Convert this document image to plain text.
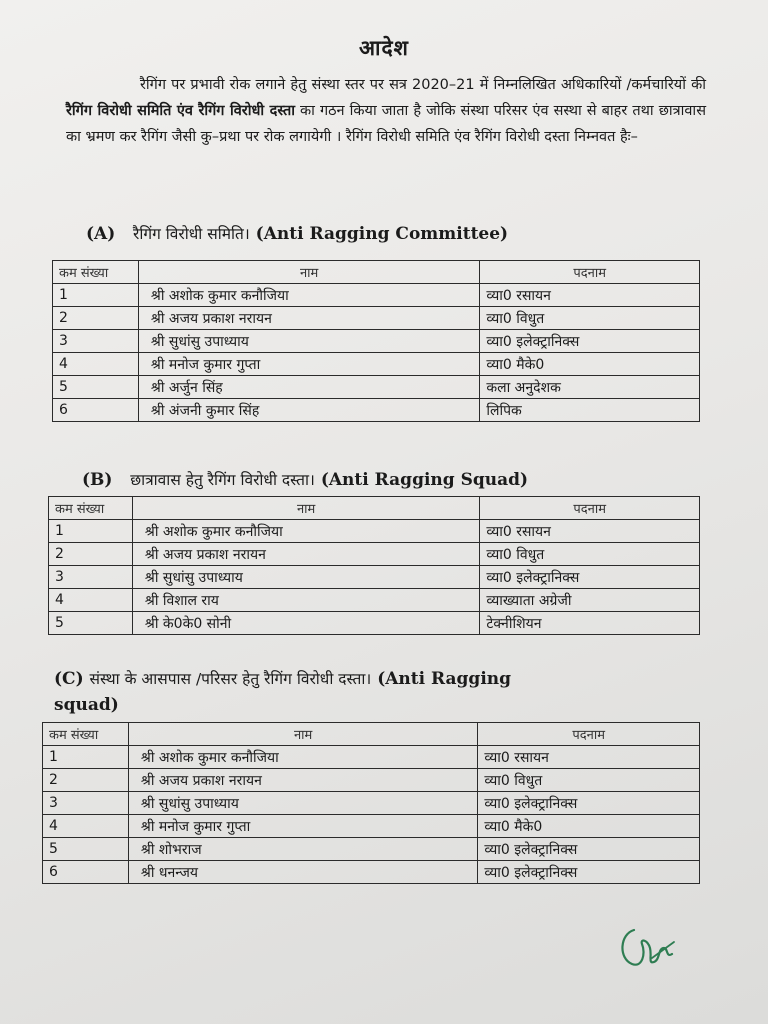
आदेश
रैगिंग पर प्रभावी रोक लगाने हेतु संस्था स्तर पर सत्र 2020–21 में निम्नलिखित अधिकारियों /कर्मचारियों की रैगिंग विरोधी समिति एंव रैगिंग विरोधी दस्ता का गठन किया जाता है जोकि संस्था परिसर एंव सस्था से बाहर तथा छात्रावास का भ्रमण कर रैगिंग जैसी कु–प्रथा पर रोक लगायेगी । रैगिंग विरोधी समिति एंव रैगिंग विरोधी दस्ता निम्नवत हैः–
(A) रैगिंग विरोधी समिति। (Anti Ragging Committee)
कम संख्या	नाम	पदनाम
1	श्री अशोक कुमार कनौजिया	व्या0 रसायन
2	श्री अजय प्रकाश नरायन	व्या0 विधुत
3	श्री सुधांसु उपाध्याय	व्या0 इलेक्ट्रानिक्स
4	श्री मनोज कुमार गुप्ता	व्या0 मैके0
5	श्री अर्जुन सिंह	कला अनुदेशक
6	श्री अंजनी कुमार सिंह	लिपिक
(B) छात्रावास हेतु रैगिंग विरोधी दस्ता। (Anti Ragging Squad)
कम संख्या	नाम	पदनाम
1	श्री अशोक कुमार कनौजिया	व्या0 रसायन
2	श्री अजय प्रकाश नरायन	व्या0 विधुत
3	श्री सुधांसु उपाध्याय	व्या0 इलेक्ट्रानिक्स
4	श्री विशाल राय	व्याख्याता अग्रेजी
5	श्री के0के0 सोनी	टेक्नीशियन
(C) संस्था के आसपास /परिसर हेतु रैगिंग विरोधी दस्ता। (Anti Ragging
squad)
कम संख्या	नाम	पदनाम
1	श्री अशोक कुमार कनौजिया	व्या0 रसायन
2	श्री अजय प्रकाश नरायन	व्या0 विधुत
3	श्री सुधांसु उपाध्याय	व्या0 इलेक्ट्रानिक्स
4	श्री मनोज कुमार गुप्ता	व्या0 मैके0
5	श्री शोभराज	व्या0 इलेक्ट्रानिक्स
6	श्री धनन्जय	व्या0 इलेक्ट्रानिक्स
